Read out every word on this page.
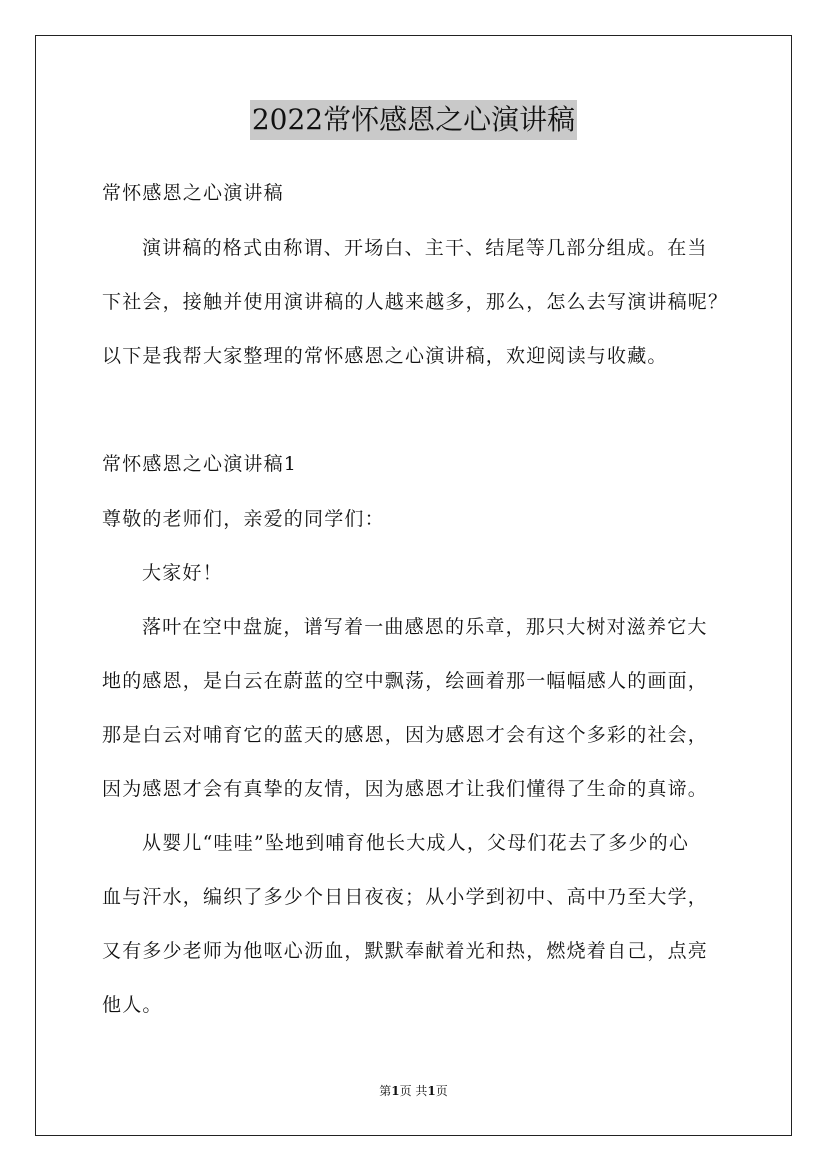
2022常怀感恩之心演讲稿
常怀感恩之心演讲稿
演讲稿的格式由称谓、开场白、主干、结尾等几部分组成。在当
下社会，接触并使用演讲稿的人越来越多，那么，怎么去写演讲稿呢？
以下是我帮大家整理的常怀感恩之心演讲稿，欢迎阅读与收藏。
常怀感恩之心演讲稿1
尊敬的老师们，亲爱的同学们：
大家好！
落叶在空中盘旋，谱写着一曲感恩的乐章，那只大树对滋养它大
地的感恩，是白云在蔚蓝的空中飘荡，绘画着那一幅幅感人的画面，
那是白云对哺育它的蓝天的感恩，因为感恩才会有这个多彩的社会，
因为感恩才会有真挚的友情，因为感恩才让我们懂得了生命的真谛。
从婴儿“哇哇”坠地到哺育他长大成人，父母们花去了多少的心
血与汗水，编织了多少个日日夜夜；从小学到初中、高中乃至大学，
又有多少老师为他呕心沥血，默默奉献着光和热，燃烧着自己，点亮
他人。
第1页 共1页
